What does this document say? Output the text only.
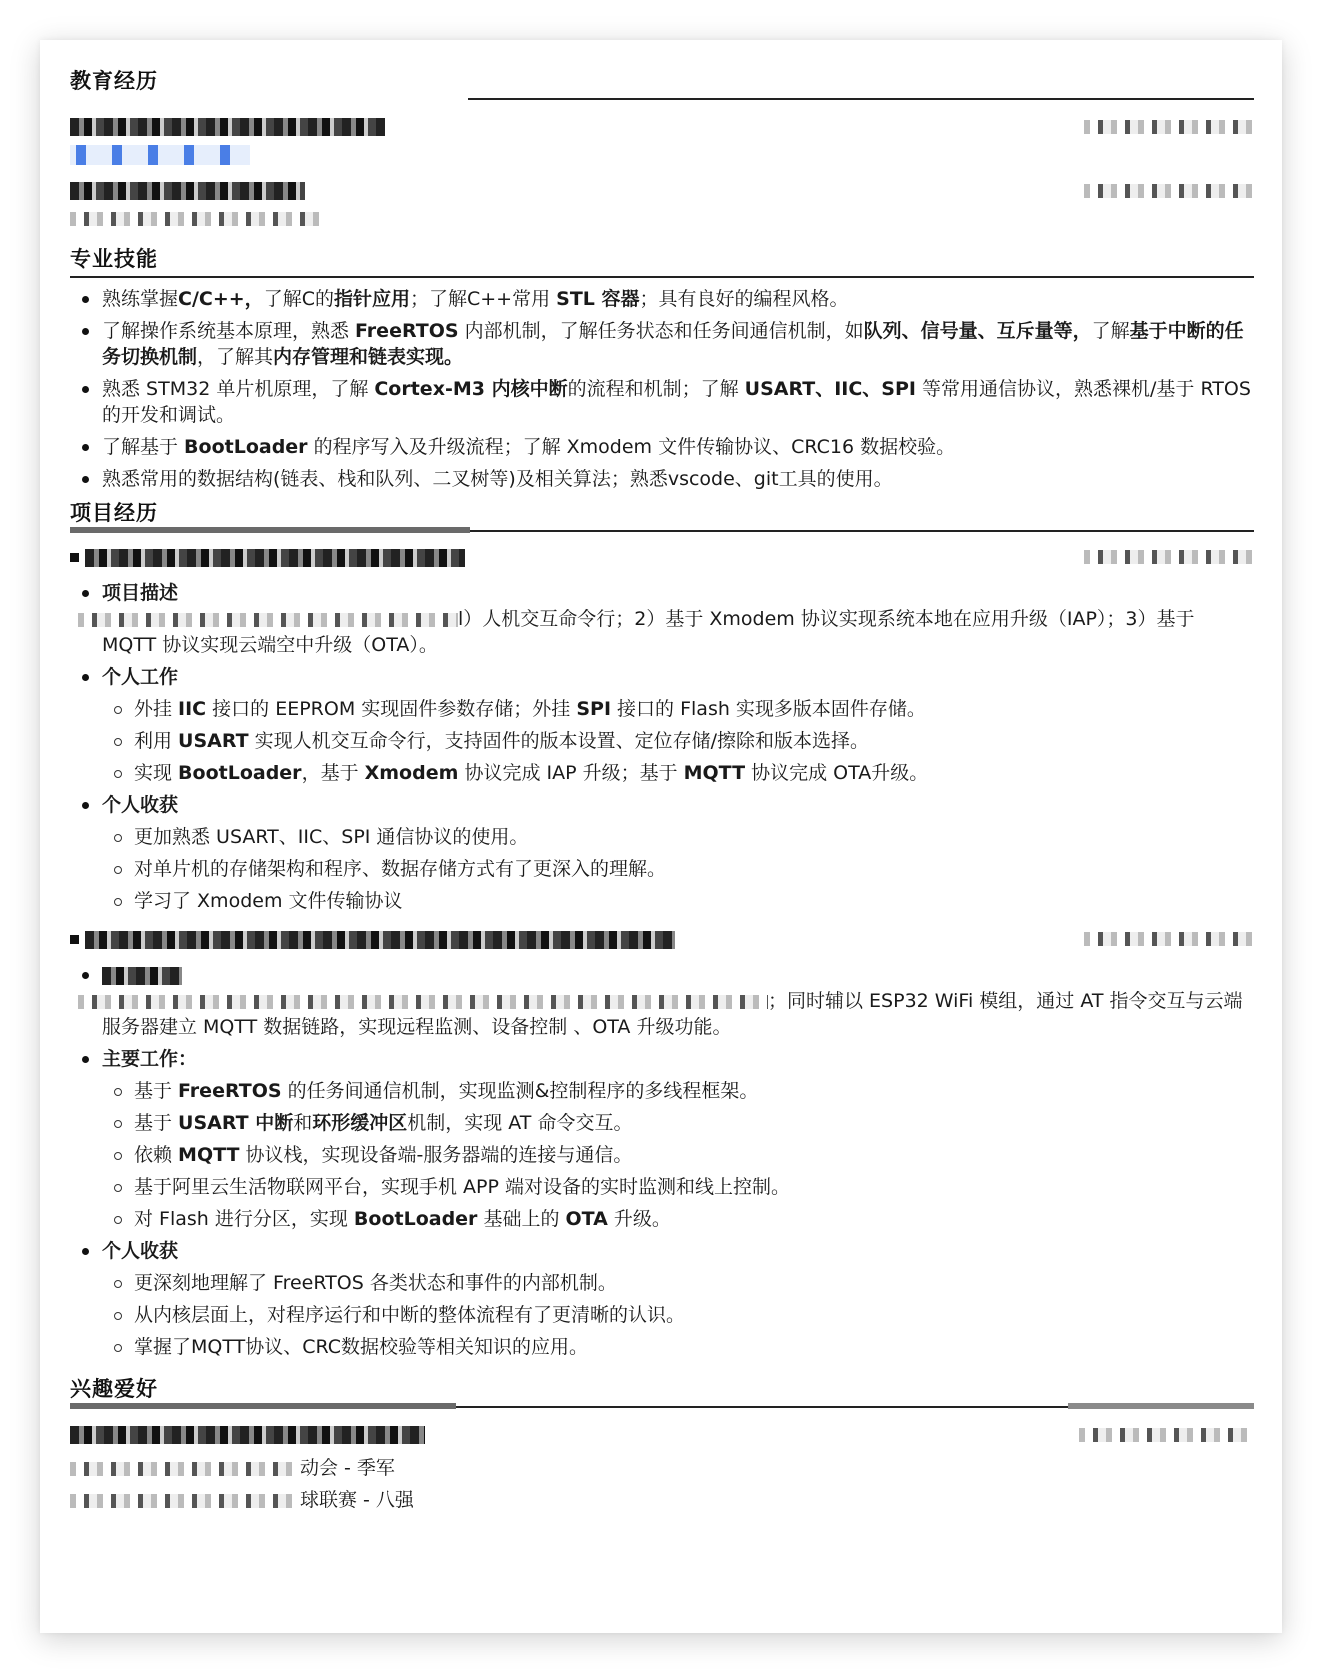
教育经历
专业技能
熟练掌握C/C++，了解C的指针应用；了解C++常用 STL 容器；具有良好的编程风格。
了解操作系统基本原理，熟悉 FreeRTOS 内部机制，了解任务状态和任务间通信机制，如队列、信号量、互斥量等，了解基于中断的任务切换机制，了解其内存管理和链表实现。
熟悉 STM32 单片机原理，了解 Cortex-M3 内核中断的流程和机制；了解 USART、IIC、SPI 等常用通信协议，熟悉裸机/基于 RTOS 的开发和调试。
了解基于 BootLoader 的程序写入及升级流程；了解 Xmodem 文件传输协议、CRC16 数据校验。
熟悉常用的数据结构(链表、栈和队列、二叉树等)及相关算法；熟悉vscode、git工具的使用。
项目经历
项目描述
l）人机交互命令行；2）基于 Xmodem 协议实现系统本地在应用升级（IAP）；3）基于 MQTT 协议实现云端空中升级（OTA）。
个人工作
外挂 IIC 接口的 EEPROM 实现固件参数存储；外挂 SPI 接口的 Flash 实现多版本固件存储。
利用 USART 实现人机交互命令行，支持固件的版本设置、定位存储/擦除和版本选择。
实现 BootLoader，基于 Xmodem 协议完成 IAP 升级；基于 MQTT 协议完成 OTA升级。
个人收获
更加熟悉 USART、IIC、SPI 通信协议的使用。
对单片机的存储架构和程序、数据存储方式有了更深入的理解。
学习了 Xmodem 文件传输协议
；同时辅以 ESP32 WiFi 模组，通过 AT 指令交互与云端服务器建立 MQTT 数据链路，实现远程监测、设备控制 、OTA 升级功能。
主要工作：
基于 FreeRTOS 的任务间通信机制，实现监测&控制程序的多线程框架。
基于 USART 中断和环形缓冲区机制，实现 AT 命令交互。
依赖 MQTT 协议栈，实现设备端-服务器端的连接与通信。
基于阿里云生活物联网平台，实现手机 APP 端对设备的实时监测和线上控制。
对 Flash 进行分区，实现 BootLoader 基础上的 OTA 升级。
个人收获
更深刻地理解了 FreeRTOS 各类状态和事件的内部机制。
从内核层面上，对程序运行和中断的整体流程有了更清晰的认识。
掌握了MQTT协议、CRC数据校验等相关知识的应用。
兴趣爱好
动会 - 季军
球联赛 - 八强
